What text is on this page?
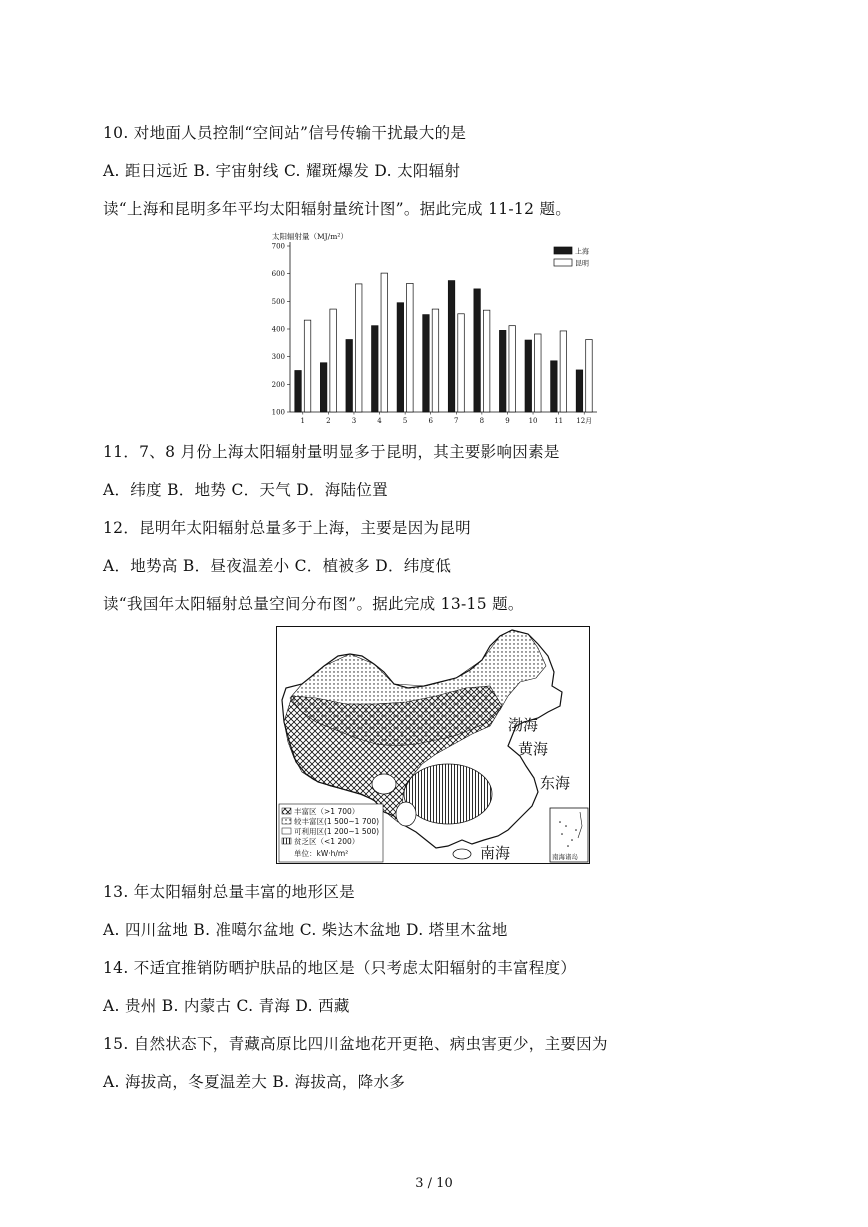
10. 对地面人员控制“空间站”信号传输干扰最大的是
A. 距日远近 B. 宇宙射线 C. 耀斑爆发 D. 太阳辐射
读“上海和昆明多年平均太阳辐射量统计图”。据此完成 11-12 题。
太阳辐射量（MJ/m²）
100
200
300
400
500
600
700
1	2	3	4	5	6	7	8	9	10 11 12月
上海
昆明
11．7、8 月份上海太阳辐射量明显多于昆明，其主要影响因素是
A．纬度 B．地势 C．天气 D．海陆位置
12．昆明年太阳辐射总量多于上海，主要是因为昆明
A．地势高 B．昼夜温差小 C．植被多 D．纬度低
读“我国年太阳辐射总量空间分布图”。据此完成 13-15 题。
渤海
黄海
东海
南海	南海诸岛
丰富区（>1 700）
较丰富区(1 500~1 700)
可利用区(1 200~1 500)
贫乏区（<1 200）
单位：kW·h/m²
13. 年太阳辐射总量丰富的地形区是
A. 四川盆地 B. 准噶尔盆地 C. 柴达木盆地 D. 塔里木盆地
14. 不适宜推销防晒护肤品的地区是（只考虑太阳辐射的丰富程度）
A. 贵州 B. 内蒙古 C. 青海 D. 西藏
15. 自然状态下，青藏高原比四川盆地花开更艳、病虫害更少，主要因为
A. 海拔高，冬夏温差大 B. 海拔高，降水多
3 / 10
